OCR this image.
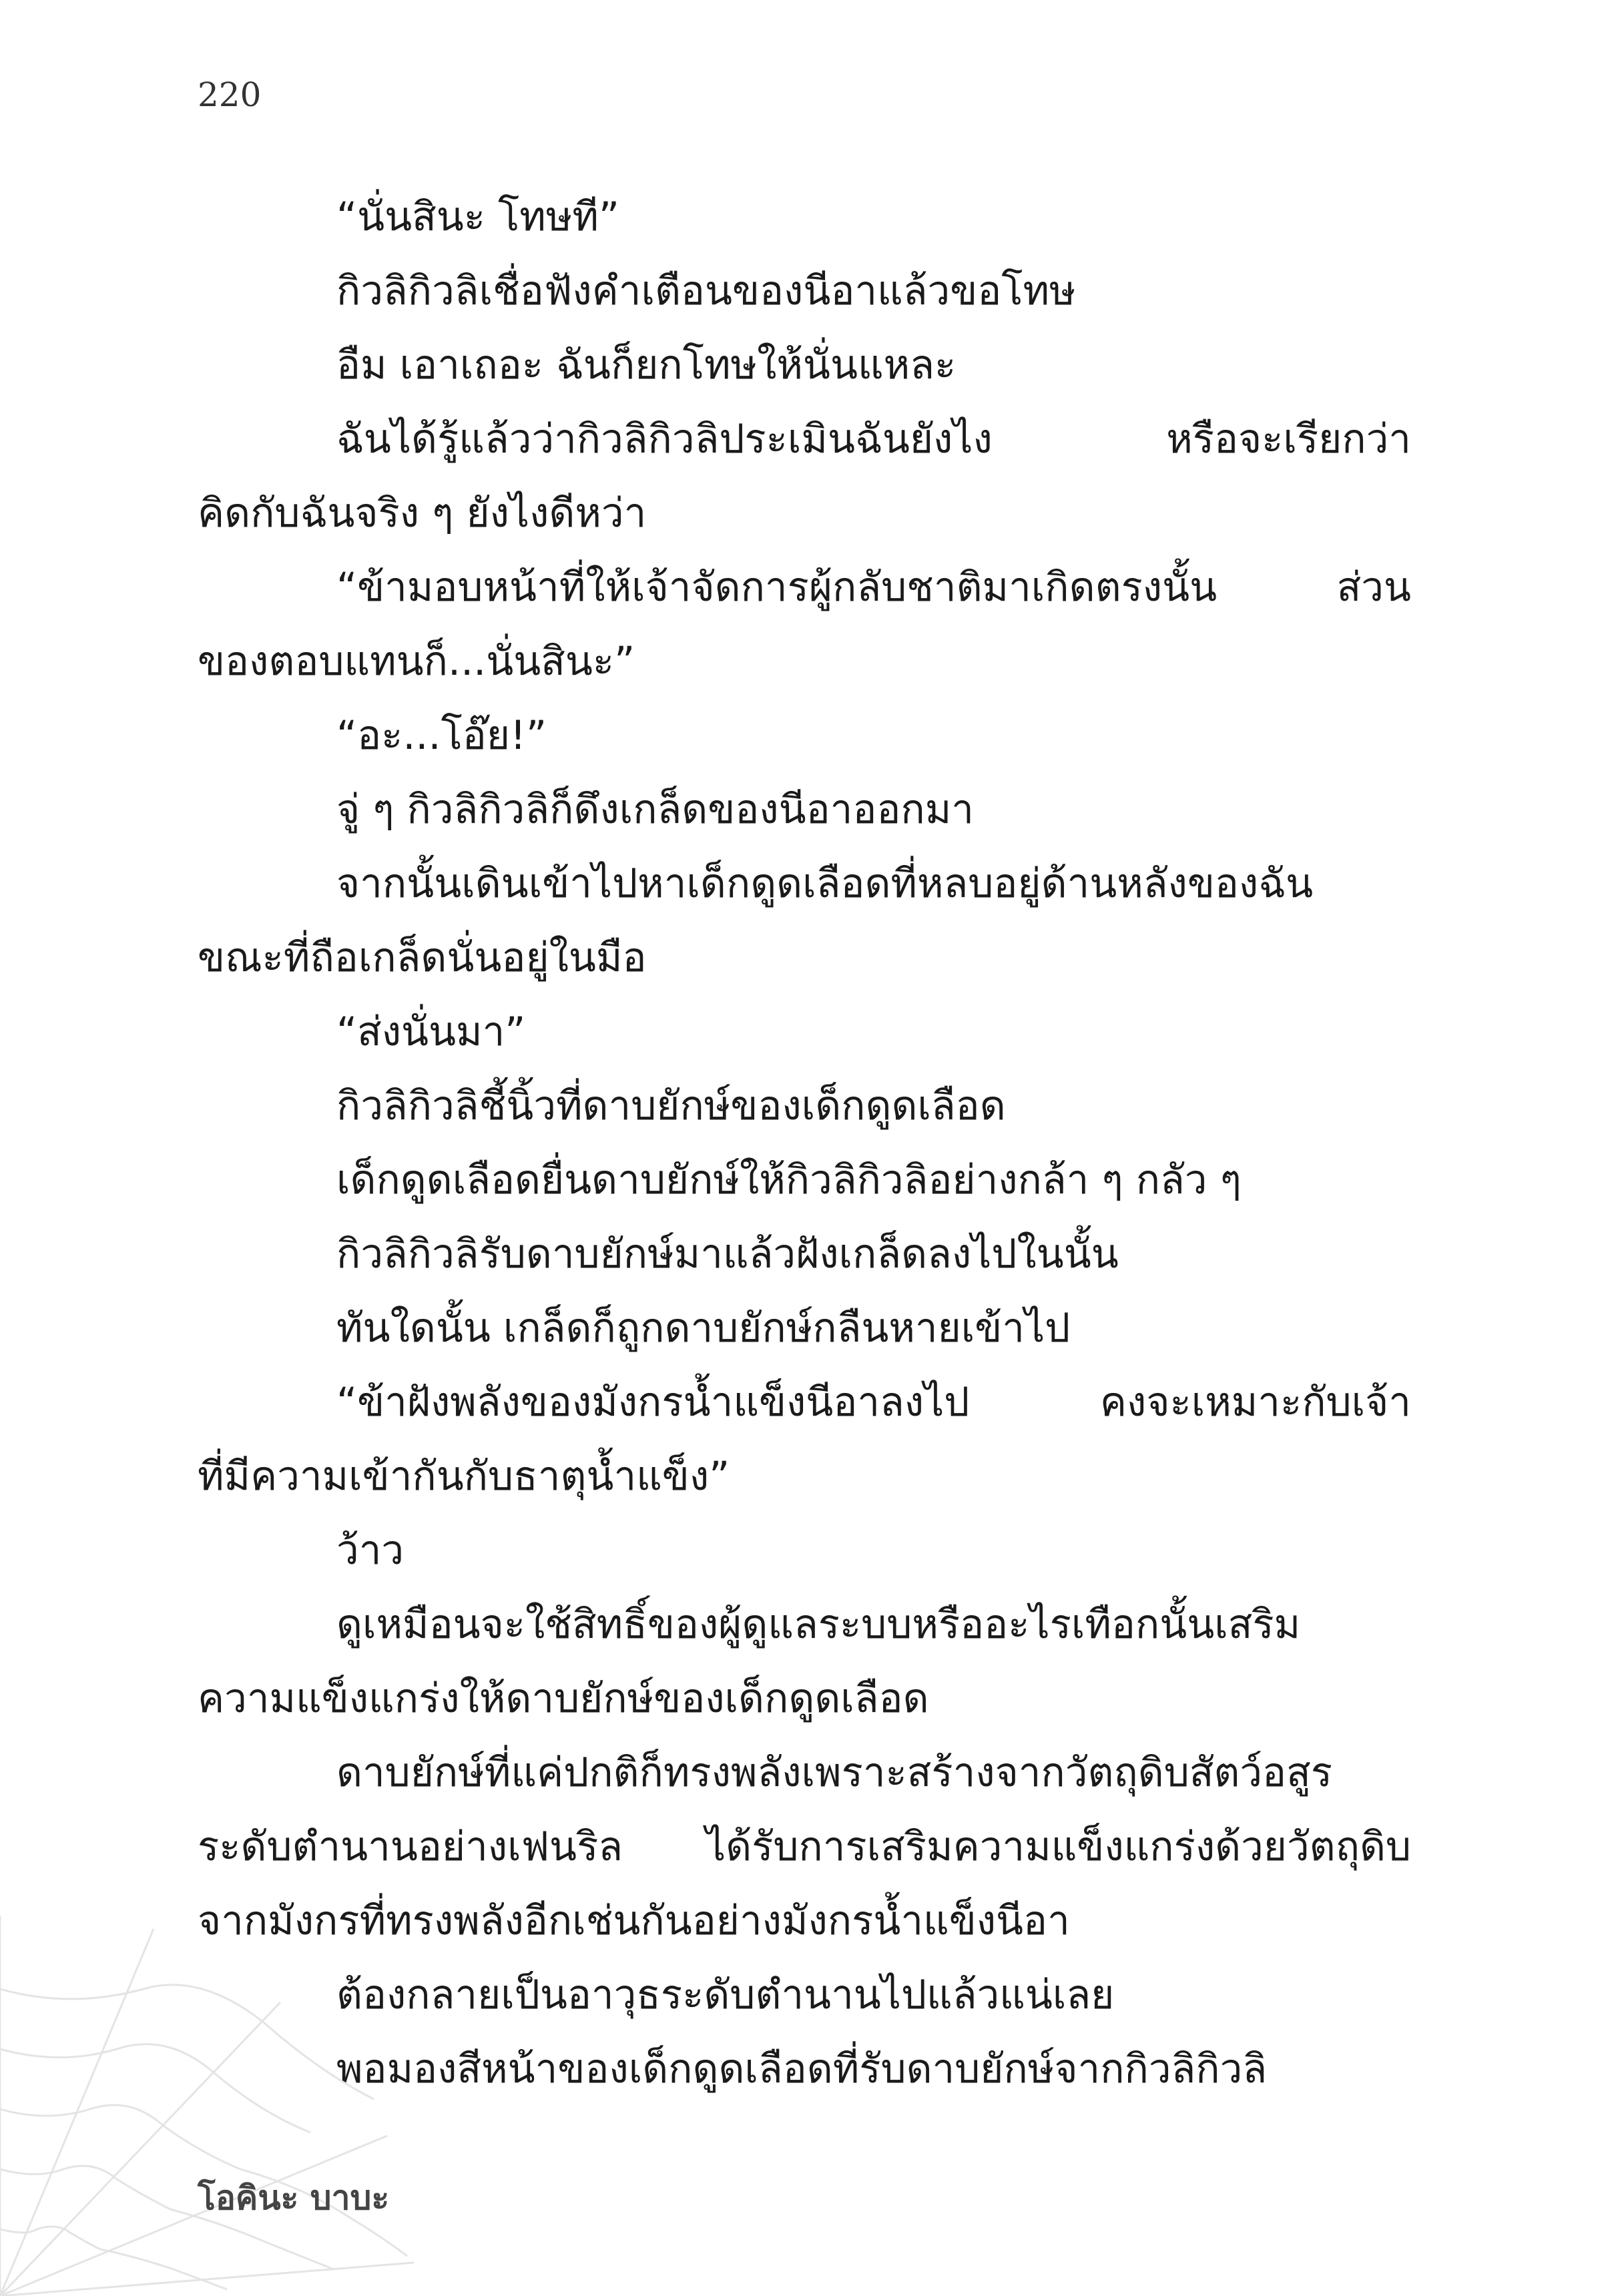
220
“นั่นสินะ โทษที”
กิวลิกิวลิเชื่อฟังคำเตือนของนีอาแล้วขอโทษ
อืม เอาเถอะ ฉันก็ยกโทษให้นั่นแหละ
ฉันได้รู้แล้วว่ากิวลิกิวลิประเมินฉันยังไง หรือจะเรียกว่า
คิดกับฉันจริง ๆ ยังไงดีหว่า
“ข้ามอบหน้าที่ให้เจ้าจัดการผู้กลับชาติมาเกิดตรงนั้น ส่วน
ของตอบแทนก็...นั่นสินะ”
“อะ...โอ๊ย!”
จู่ ๆ กิวลิกิวลิก็ดึงเกล็ดของนีอาออกมา
จากนั้นเดินเข้าไปหาเด็กดูดเลือดที่หลบอยู่ด้านหลังของฉัน
ขณะที่ถือเกล็ดนั่นอยู่ในมือ
“ส่งนั่นมา”
กิวลิกิวลิชี้นิ้วที่ดาบยักษ์ของเด็กดูดเลือด
เด็กดูดเลือดยื่นดาบยักษ์ให้กิวลิกิวลิอย่างกล้า ๆ กลัว ๆ
กิวลิกิวลิรับดาบยักษ์มาแล้วฝังเกล็ดลงไปในนั้น
ทันใดนั้น เกล็ดก็ถูกดาบยักษ์กลืนหายเข้าไป
“ข้าฝังพลังของมังกรน้ำแข็งนีอาลงไป คงจะเหมาะกับเจ้า
ที่มีความเข้ากันกับธาตุน้ำแข็ง”
ว้าว
ดูเหมือนจะใช้สิทธิ์ของผู้ดูแลระบบหรืออะไรเทือกนั้นเสริม
ความแข็งแกร่งให้ดาบยักษ์ของเด็กดูดเลือด
ดาบยักษ์ที่แค่ปกติก็ทรงพลังเพราะสร้างจากวัตถุดิบสัตว์อสูร
ระดับตำนานอย่างเฟนริล ได้รับการเสริมความแข็งแกร่งด้วยวัตถุดิบ
จากมังกรที่ทรงพลังอีกเช่นกันอย่างมังกรน้ำแข็งนีอา
ต้องกลายเป็นอาวุธระดับตำนานไปแล้วแน่เลย
พอมองสีหน้าของเด็กดูดเลือดที่รับดาบยักษ์จากกิวลิกิวลิ
โอคินะ บาบะ
